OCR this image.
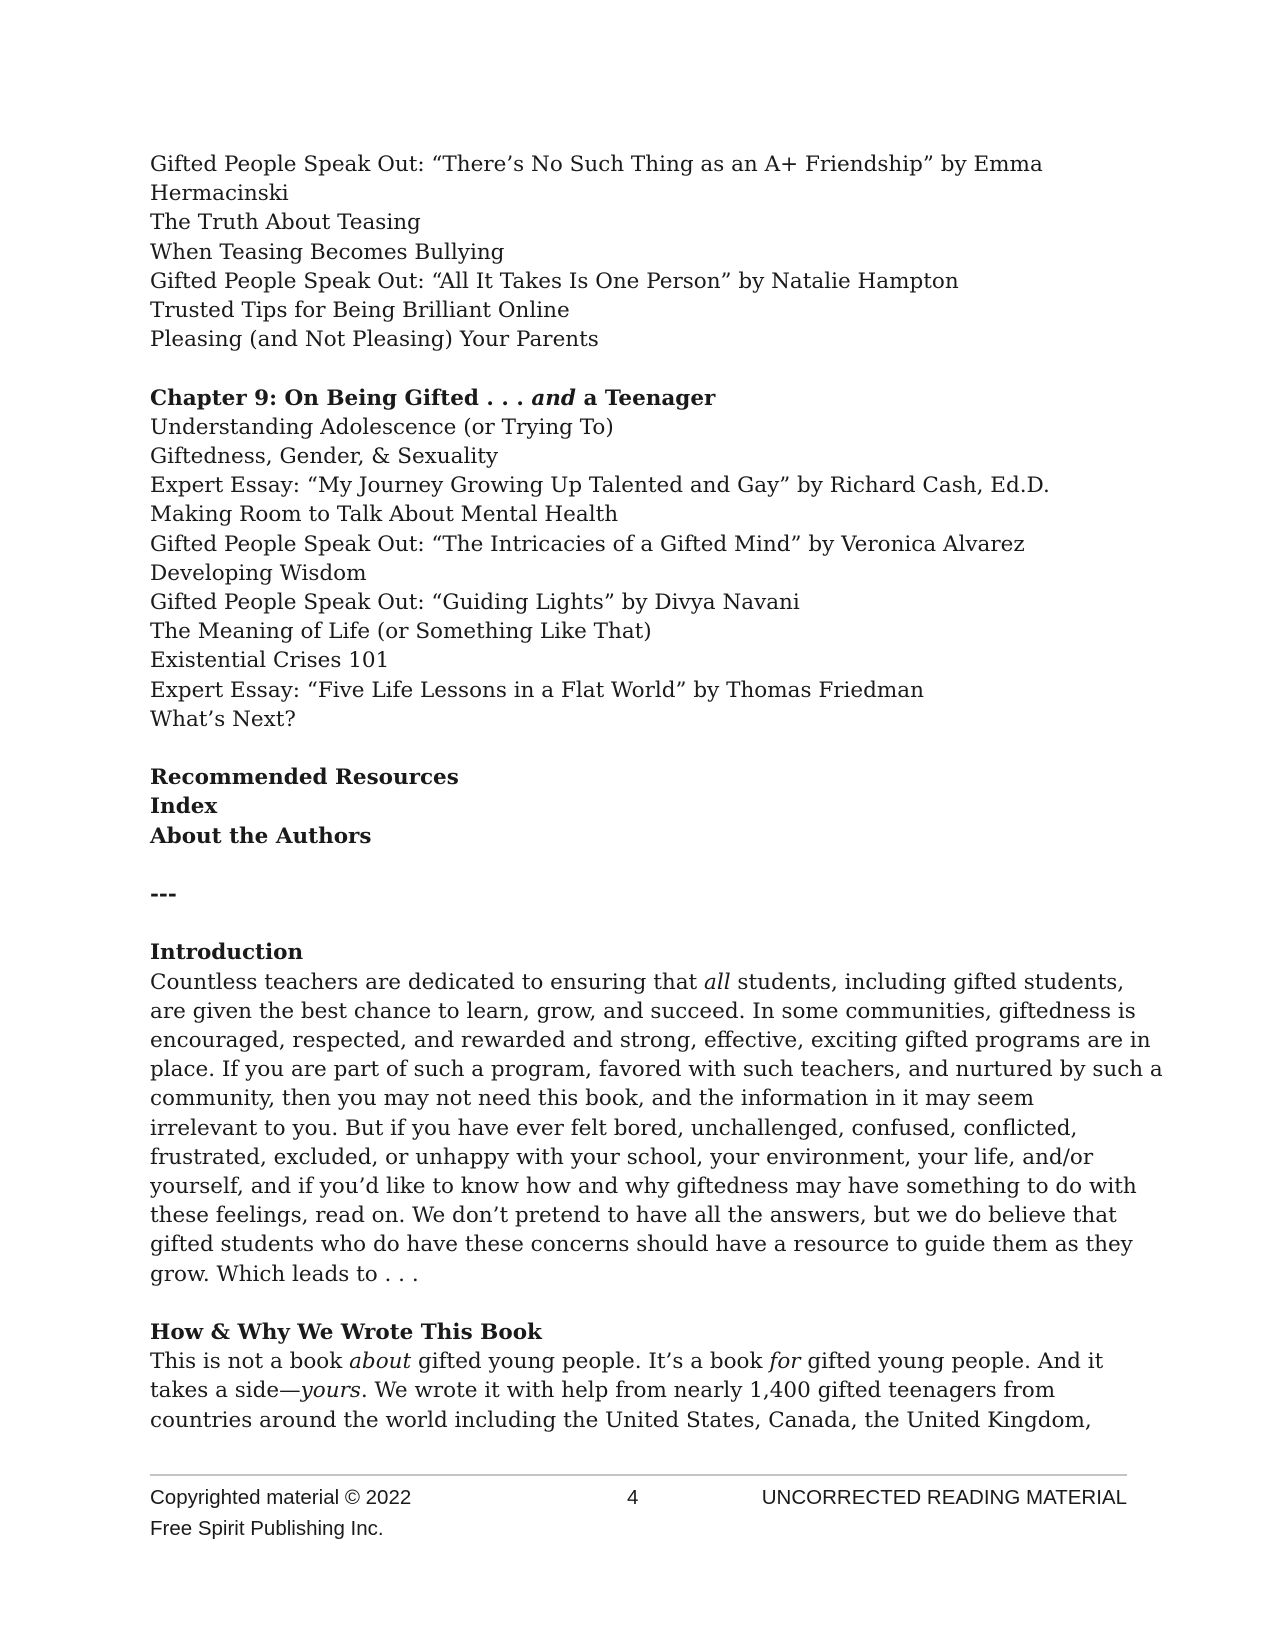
Gifted People Speak Out: “There’s No Such Thing as an A+ Friendship” by Emma
Hermacinski
The Truth About Teasing
When Teasing Becomes Bullying
Gifted People Speak Out: “All It Takes Is One Person” by Natalie Hampton
Trusted Tips for Being Brilliant Online
Pleasing (and Not Pleasing) Your Parents
Chapter 9: On Being Gifted . . . and a Teenager
Understanding Adolescence (or Trying To)
Giftedness, Gender, & Sexuality
Expert Essay: “My Journey Growing Up Talented and Gay” by Richard Cash, Ed.D.
Making Room to Talk About Mental Health
Gifted People Speak Out: “The Intricacies of a Gifted Mind” by Veronica Alvarez
Developing Wisdom
Gifted People Speak Out: “Guiding Lights” by Divya Navani
The Meaning of Life (or Something Like That)
Existential Crises 101
Expert Essay: “Five Life Lessons in a Flat World” by Thomas Friedman
What’s Next?
Recommended Resources
Index
About the Authors
---
Introduction
Countless teachers are dedicated to ensuring that all students, including gifted students,
are given the best chance to learn, grow, and succeed. In some communities, giftedness is
encouraged, respected, and rewarded and strong, effective, exciting gifted programs are in
place. If you are part of such a program, favored with such teachers, and nurtured by such a
community, then you may not need this book, and the information in it may seem
irrelevant to you. But if you have ever felt bored, unchallenged, confused, conflicted,
frustrated, excluded, or unhappy with your school, your environment, your life, and/or
yourself, and if you’d like to know how and why giftedness may have something to do with
these feelings, read on. We don’t pretend to have all the answers, but we do believe that
gifted students who do have these concerns should have a resource to guide them as they
grow. Which leads to . . .
How & Why We Wrote This Book
This is not a book about gifted young people. It’s a book for gifted young people. And it
takes a side—yours. We wrote it with help from nearly 1,400 gifted teenagers from
countries around the world including the United States, Canada, the United Kingdom,
Copyrighted material © 2022
Free Spirit Publishing Inc.
4	UNCORRECTED READING MATERIAL
